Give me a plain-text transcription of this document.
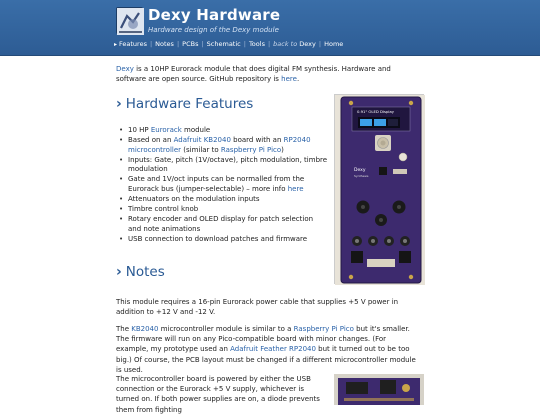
Dexy Hardware
Hardware design of the Dexy module
▸ Features | Notes | PCBs | Schematic | Tools | back to
Dexy | Home

Dexy is a 10HP Eurorack module that does digital FM synthesis. Hardware and software are open source. GitHub repository is here.

› Hardware Features
• 10 HP Eurorack module
• Based on an Adafruit KB2040 board with an RP2040 microcontroller (similar to Raspberry Pi Pico)
• Inputs: Gate, pitch (1V/octave), pitch modulation, timbre modulation
• Gate and 1V/oct inputs can be normalled from the Eurorack bus (jumper-selectable) – more info here
• Attenuators on the modulation inputs
• Timbre control knob
• Rotary encoder and OLED display for patch selection and note animations
• USB connection to download patches and firmware
0.91" OLED Display
Dexy
Synthesis
› Notes

This module requires a 16-pin Eurorack power cable that supplies +5 V power in addition to +12 V and -12 V.

The KB2040 microcontroller module is similar to a Raspberry Pi Pico but it's smaller. The firmware will run on any Pico-compatible board with minor changes. (For example, my prototype used an Adafruit Feather RP2040 but it turned out to be too big.) Of course, the PCB layout must be changed if a different microcontroller module is used.

The microcontroller board is powered by either the USB connection or the Eurorack +5 V supply, whichever is turned on. If both power supplies are on, a diode prevents them from fighting
